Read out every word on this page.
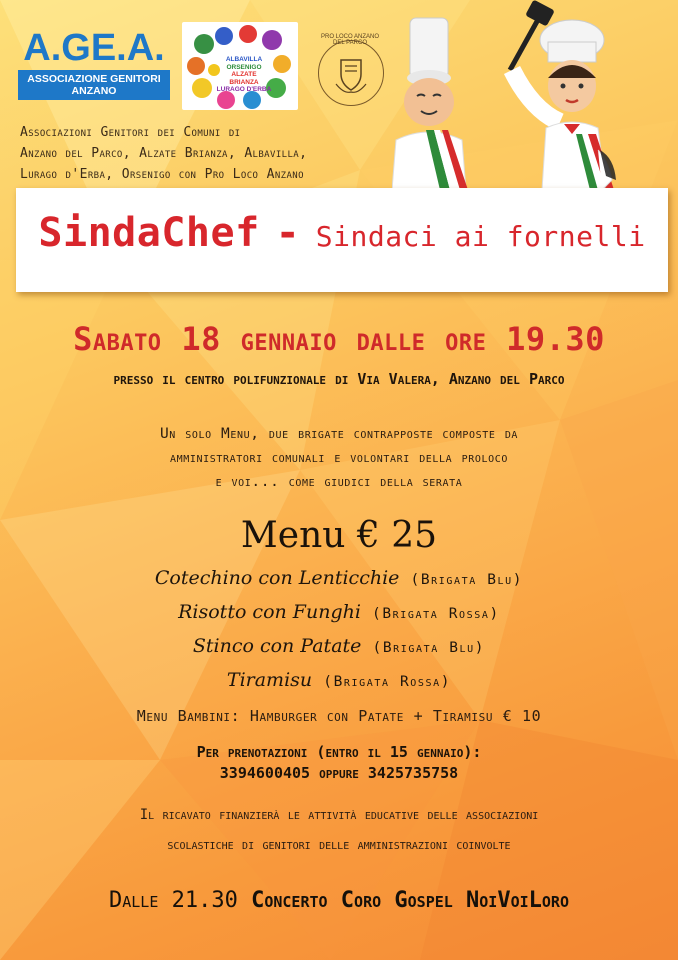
A.GE.A.
ASSOCIAZIONE GENITORI ANZANO
ALBAVILLA
ORSENIGO
ALZATE BRIANZA
LURAGO D'ERBA
PRO LOCO ANZANO DEL PARCO
Associazioni Genitori dei Comuni di
Anzano del Parco, Alzate Brianza, Albavilla,
Lurago d'Erba, Orsenigo con Pro Loco Anzano
SindaChef - Sindaci ai fornelli
Sabato 18 gennaio dalle ore 19.30
presso il centro polifunzionale di Via Valera, Anzano del Parco
Un solo Menu, due brigate contrapposte composte da
amministratori comunali e volontari della proloco
e voi... come giudici della serata
Menu € 25
Cotechino con Lenticchie (Brigata Blu)
Risotto con Funghi (Brigata Rossa)
Stinco con Patate (Brigata Blu)
Tiramisu (Brigata Rossa)
Menu Bambini: Hamburger con Patate + Tiramisu € 10
Per prenotazioni (entro il 15 gennaio):
3394600405 oppure 3425735758
Il ricavato finanzierà le attività educative delle associazioni
scolastiche di genitori delle amministrazioni coinvolte
Dalle 21.30 Concerto Coro Gospel NoiVoiLoro
